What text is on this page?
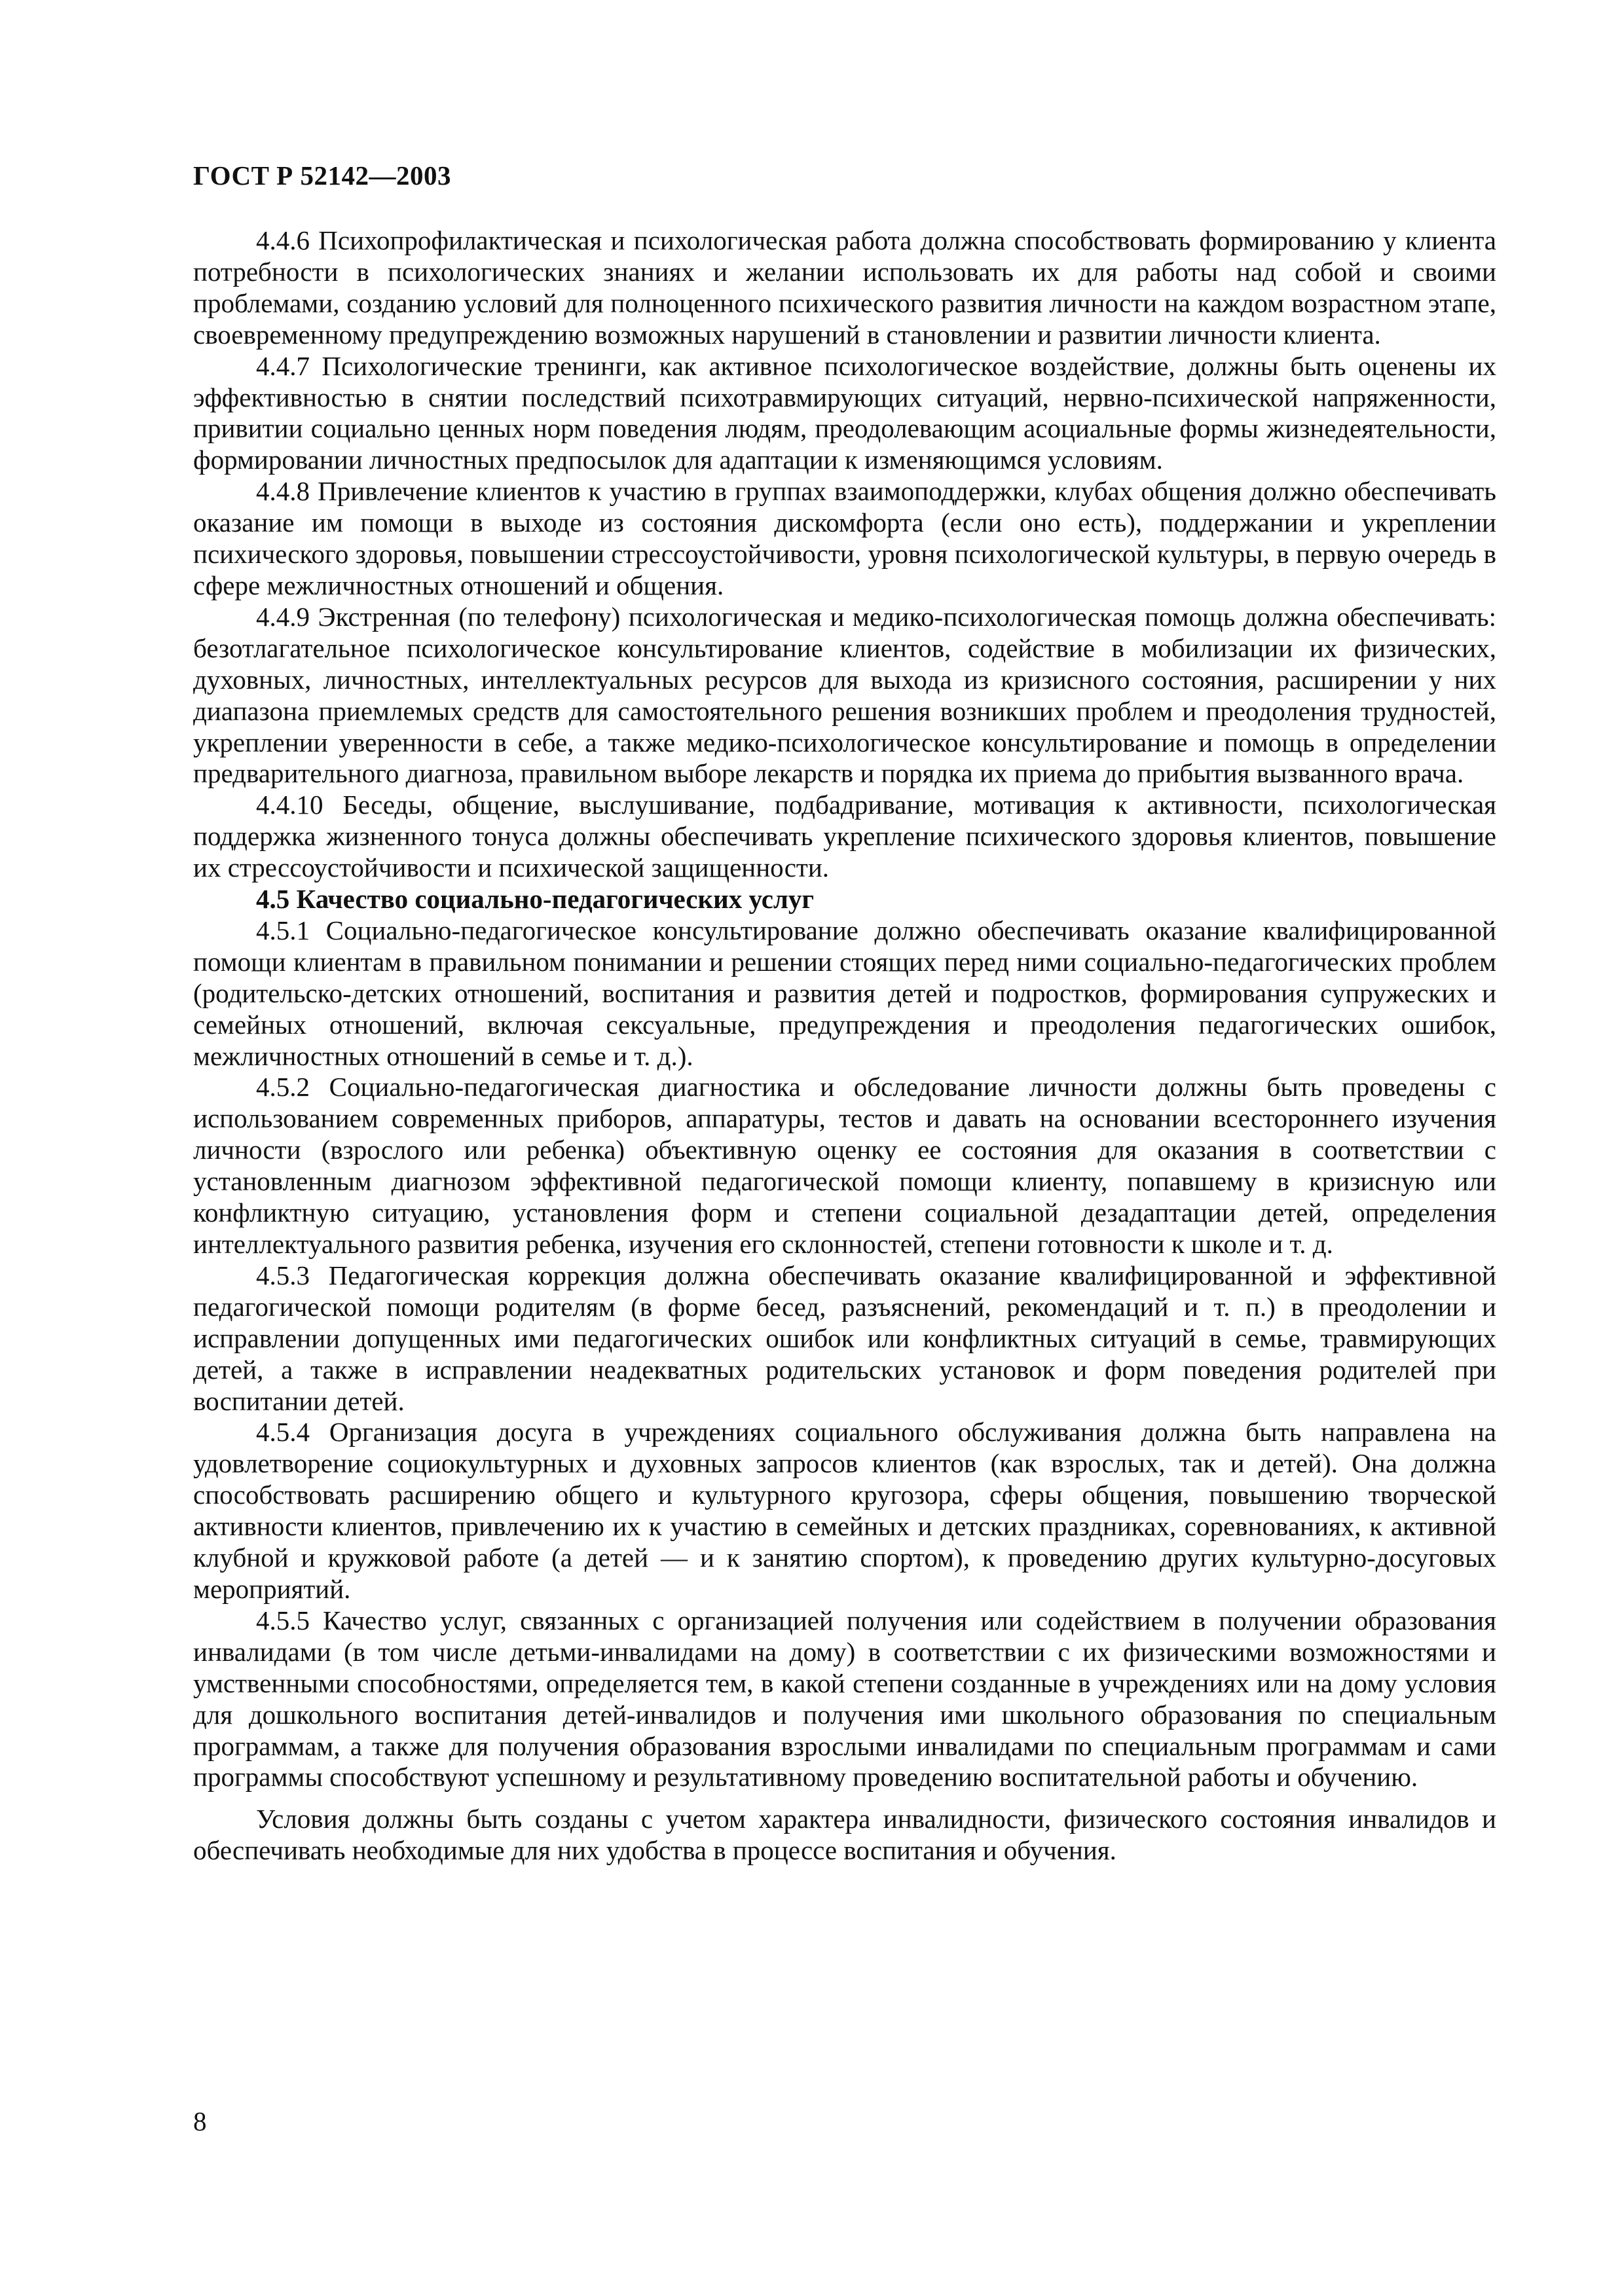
ГОСТ Р 52142—2003

4.4.6 Психопрофилактическая и психологическая работа должна способствовать формированию у клиента потребности в психологических знаниях и желании использовать их для работы над собой и своими проблемами, созданию условий для полноценного психического развития личности на каждом возрастном этапе, своевременному предупреждению возможных нарушений в становлении и развитии личности клиента.

4.4.7 Психологические тренинги, как активное психологическое воздействие, должны быть оценены их эффективностью в снятии последствий психотравмирующих ситуаций, нервно-психической напряженности, привитии социально ценных норм поведения людям, преодолевающим асоциальные формы жизнедеятельности, формировании личностных предпосылок для адаптации к изменяющимся условиям.

4.4.8 Привлечение клиентов к участию в группах взаимоподдержки, клубах общения должно обеспечивать оказание им помощи в выходе из состояния дискомфорта (если оно есть), поддержании и укреплении психического здоровья, повышении стрессоустойчивости, уровня психологической культуры, в первую очередь в сфере межличностных отношений и общения.

4.4.9 Экстренная (по телефону) психологическая и медико-психологическая помощь должна обеспечивать: безотлагательное психологическое консультирование клиентов, содействие в мобилизации их физических, духовных, личностных, интеллектуальных ресурсов для выхода из кризисного состояния, расширении у них диапазона приемлемых средств для самостоятельного решения возникших проблем и преодоления трудностей, укреплении уверенности в себе, а также медико-психологическое консультирование и помощь в определении предварительного диагноза, правильном выборе лекарств и порядка их приема до прибытия вызванного врача.

4.4.10 Беседы, общение, выслушивание, подбадривание, мотивация к активности, психологическая поддержка жизненного тонуса должны обеспечивать укрепление психического здоровья клиентов, повышение их стрессоустойчивости и психической защищенности.

4.5 Качество социально-педагогических услуг

4.5.1 Социально-педагогическое консультирование должно обеспечивать оказание квалифицированной помощи клиентам в правильном понимании и решении стоящих перед ними социально-педагогических проблем (родительско-детских отношений, воспитания и развития детей и подростков, формирования супружеских и семейных отношений, включая сексуальные, предупреждения и преодоления педагогических ошибок, межличностных отношений в семье и т. д.).

4.5.2 Социально-педагогическая диагностика и обследование личности должны быть проведены с использованием современных приборов, аппаратуры, тестов и давать на основании всестороннего изучения личности (взрослого или ребенка) объективную оценку ее состояния для оказания в соответствии с установленным диагнозом эффективной педагогической помощи клиенту, попавшему в кризисную или конфликтную ситуацию, установления форм и степени социальной дезадаптации детей, определения интеллектуального развития ребенка, изучения его склонностей, степени готовности к школе и т. д.

4.5.3 Педагогическая коррекция должна обеспечивать оказание квалифицированной и эффективной педагогической помощи родителям (в форме бесед, разъяснений, рекомендаций и т. п.) в преодолении и исправлении допущенных ими педагогических ошибок или конфликтных ситуаций в семье, травмирующих детей, а также в исправлении неадекватных родительских установок и форм поведения родителей при воспитании детей.

4.5.4 Организация досуга в учреждениях социального обслуживания должна быть направлена на удовлетворение социокультурных и духовных запросов клиентов (как взрослых, так и детей). Она должна способствовать расширению общего и культурного кругозора, сферы общения, повышению творческой активности клиентов, привлечению их к участию в семейных и детских праздниках, соревнованиях, к активной клубной и кружковой работе (а детей — и к занятию спортом), к проведению других культурно-досуговых мероприятий.

4.5.5 Качество услуг, связанных с организацией получения или содействием в получении образования инвалидами (в том числе детьми-инвалидами на дому) в соответствии с их физическими возможностями и умственными способностями, определяется тем, в какой степени созданные в учреждениях или на дому условия для дошкольного воспитания детей-инвалидов и получения ими школьного образования по специальным программам, а также для получения образования взрослыми инвалидами по специальным программам и сами программы способствуют успешному и результативному проведению воспитательной работы и обучению.

Условия должны быть созданы с учетом характера инвалидности, физического состояния инвалидов и обеспечивать необходимые для них удобства в процессе воспитания и обучения.

8
